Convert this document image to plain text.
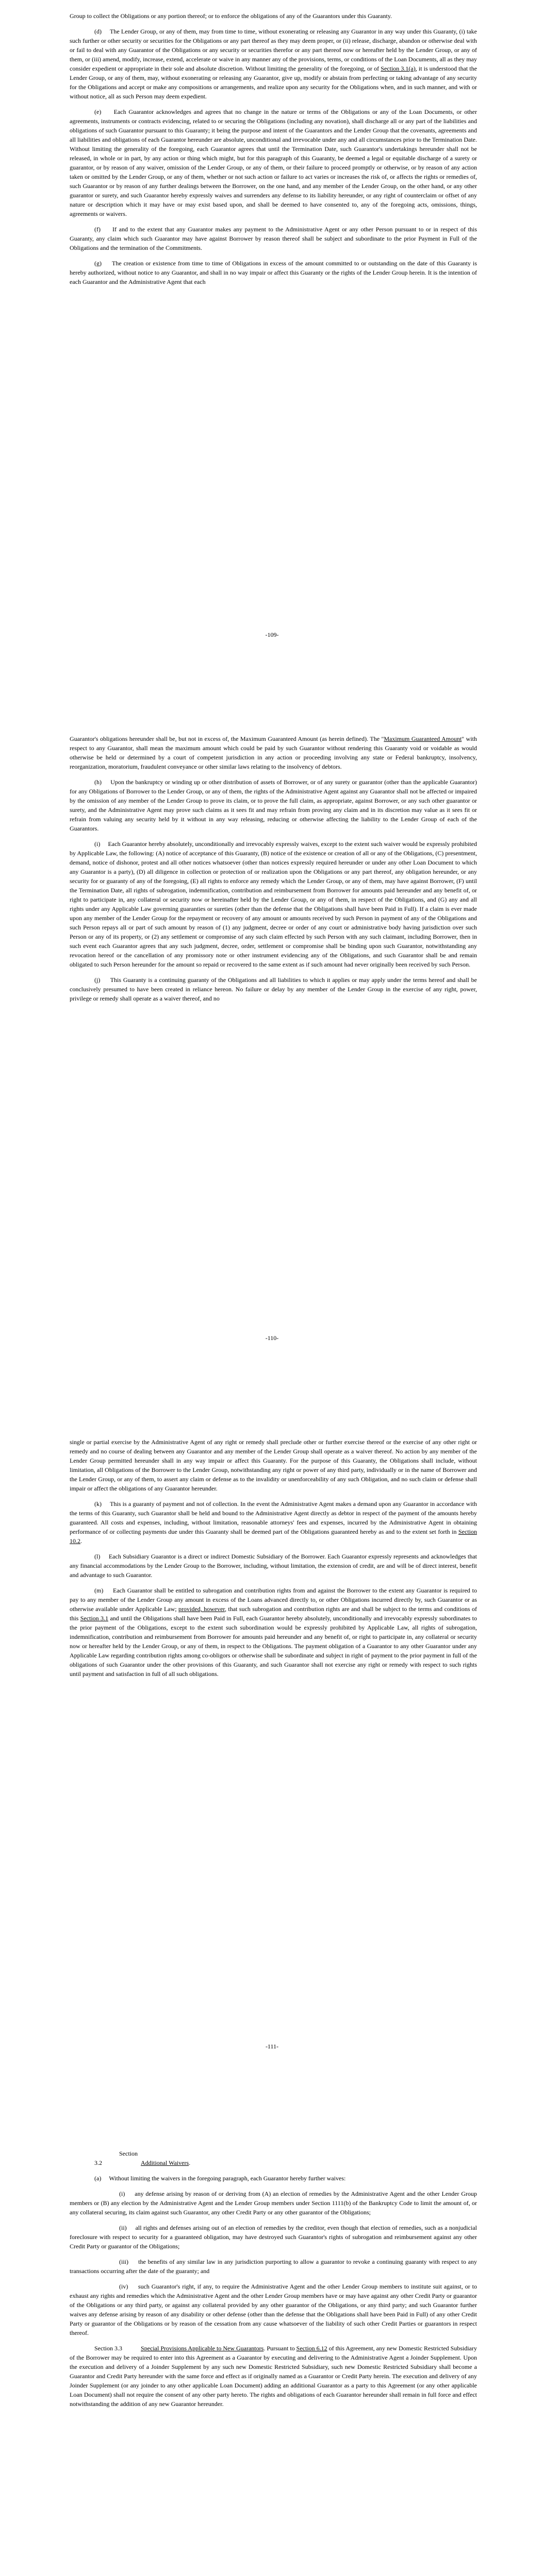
Group to collect the Obligations or any portion thereof; or to enforce the obligations of any of the Guarantors under this Guaranty.

(d)     The Lender Group, or any of them, may from time to time, without exonerating or releasing any Guarantor in any way under this Guaranty, (i) take such further or other security or securities for the Obligations or any part thereof as they may deem proper, or (ii) release, discharge, abandon or otherwise deal with or fail to deal with any Guarantor of the Obligations or any security or securities therefor or any part thereof now or hereafter held by the Lender Group, or any of them, or (iii) amend, modify, increase, extend, accelerate or waive in any manner any of the provisions, terms, or conditions of the Loan Documents, all as they may consider expedient or appropriate in their sole and absolute discretion. Without limiting the generality of the foregoing, or of Section 3.1(a), it is understood that the Lender Group, or any of them, may, without exonerating or releasing any Guarantor, give up, modify or abstain from perfecting or taking advantage of any security for the Obligations and accept or make any compositions or arrangements, and realize upon any security for the Obligations when, and in such manner, and with or without notice, all as such Person may deem expedient.

(e)     Each Guarantor acknowledges and agrees that no change in the nature or terms of the Obligations or any of the Loan Documents, or other agreements, instruments or contracts evidencing, related to or securing the Obligations (including any novation), shall discharge all or any part of the liabilities and obligations of such Guarantor pursuant to this Guaranty; it being the purpose and intent of the Guarantors and the Lender Group that the covenants, agreements and all liabilities and obligations of each Guarantor hereunder are absolute, unconditional and irrevocable under any and all circumstances prior to the Termination Date. Without limiting the generality of the foregoing, each Guarantor agrees that until the Termination Date, such Guarantor's undertakings hereunder shall not be released, in whole or in part, by any action or thing which might, but for this paragraph of this Guaranty, be deemed a legal or equitable discharge of a surety or guarantor, or by reason of any waiver, omission of the Lender Group, or any of them, or their failure to proceed promptly or otherwise, or by reason of any action taken or omitted by the Lender Group, or any of them, whether or not such action or failure to act varies or increases the risk of, or affects the rights or remedies of, such Guarantor or by reason of any further dealings between the Borrower, on the one hand, and any member of the Lender Group, on the other hand, or any other guarantor or surety, and such Guarantor hereby expressly waives and surrenders any defense to its liability hereunder, or any right of counterclaim or offset of any nature or description which it may have or may exist based upon, and shall be deemed to have consented to, any of the foregoing acts, omissions, things, agreements or waivers.

(f)     If and to the extent that any Guarantor makes any payment to the Administrative Agent or any other Person pursuant to or in respect of this Guaranty, any claim which such Guarantor may have against Borrower by reason thereof shall be subject and subordinate to the prior Payment in Full of the Obligations and the termination of the Commitments.

(g)     The creation or existence from time to time of Obligations in excess of the amount committed to or outstanding on the date of this Guaranty is hereby authorized, without notice to any Guarantor, and shall in no way impair or affect this Guaranty or the rights of the Lender Group herein. It is the intention of each Guarantor and the Administrative Agent that each

-109-

Guarantor's obligations hereunder shall be, but not in excess of, the Maximum Guaranteed Amount (as herein defined). The "Maximum Guaranteed Amount" with respect to any Guarantor, shall mean the maximum amount which could be paid by such Guarantor without rendering this Guaranty void or voidable as would otherwise be held or determined by a court of competent jurisdiction in any action or proceeding involving any state or Federal bankruptcy, insolvency, reorganization, moratorium, fraudulent conveyance or other similar laws relating to the insolvency of debtors.

(h)     Upon the bankruptcy or winding up or other distribution of assets of Borrower, or of any surety or guarantor (other than the applicable Guarantor) for any Obligations of Borrower to the Lender Group, or any of them, the rights of the Administrative Agent against any Guarantor shall not be affected or impaired by the omission of any member of the Lender Group to prove its claim, or to prove the full claim, as appropriate, against Borrower, or any such other guarantor or surety, and the Administrative Agent may prove such claims as it sees fit and may refrain from proving any claim and in its discretion may value as it sees fit or refrain from valuing any security held by it without in any way releasing, reducing or otherwise affecting the liability to the Lender Group of each of the Guarantors.

(i)     Each Guarantor hereby absolutely, unconditionally and irrevocably expressly waives, except to the extent such waiver would be expressly prohibited by Applicable Law, the following: (A) notice of acceptance of this Guaranty, (B) notice of the existence or creation of all or any of the Obligations, (C) presentment, demand, notice of dishonor, protest and all other notices whatsoever (other than notices expressly required hereunder or under any other Loan Document to which any Guarantor is a party), (D) all diligence in collection or protection of or realization upon the Obligations or any part thereof, any obligation hereunder, or any security for or guaranty of any of the foregoing, (E) all rights to enforce any remedy which the Lender Group, or any of them, may have against Borrower, (F) until the Termination Date, all rights of subrogation, indemnification, contribution and reimbursement from Borrower for amounts paid hereunder and any benefit of, or right to participate in, any collateral or security now or hereinafter held by the Lender Group, or any of them, in respect of the Obligations, and (G) any and all rights under any Applicable Law governing guaranties or sureties (other than the defense that the Obligations shall have been Paid in Full). If a claim is ever made upon any member of the Lender Group for the repayment or recovery of any amount or amounts received by such Person in payment of any of the Obligations and such Person repays all or part of such amount by reason of (1) any judgment, decree or order of any court or administrative body having jurisdiction over such Person or any of its property, or (2) any settlement or compromise of any such claim effected by such Person with any such claimant, including Borrower, then in such event each Guarantor agrees that any such judgment, decree, order, settlement or compromise shall be binding upon such Guarantor, notwithstanding any revocation hereof or the cancellation of any promissory note or other instrument evidencing any of the Obligations, and such Guarantor shall be and remain obligated to such Person hereunder for the amount so repaid or recovered to the same extent as if such amount had never originally been received by such Person.

(j)     This Guaranty is a continuing guaranty of the Obligations and all liabilities to which it applies or may apply under the terms hereof and shall be conclusively presumed to have been created in reliance hereon. No failure or delay by any member of the Lender Group in the exercise of any right, power, privilege or remedy shall operate as a waiver thereof, and no

-110-

single or partial exercise by the Administrative Agent of any right or remedy shall preclude other or further exercise thereof or the exercise of any other right or remedy and no course of dealing between any Guarantor and any member of the Lender Group shall operate as a waiver thereof. No action by any member of the Lender Group permitted hereunder shall in any way impair or affect this Guaranty. For the purpose of this Guaranty, the Obligations shall include, without limitation, all Obligations of the Borrower to the Lender Group, notwithstanding any right or power of any third party, individually or in the name of Borrower and the Lender Group, or any of them, to assert any claim or defense as to the invalidity or unenforceability of any such Obligation, and no such claim or defense shall impair or affect the obligations of any Guarantor hereunder.

(k)     This is a guaranty of payment and not of collection. In the event the Administrative Agent makes a demand upon any Guarantor in accordance with the terms of this Guaranty, such Guarantor shall be held and bound to the Administrative Agent directly as debtor in respect of the payment of the amounts hereby guaranteed. All costs and expenses, including, without limitation, reasonable attorneys' fees and expenses, incurred by the Administrative Agent in obtaining performance of or collecting payments due under this Guaranty shall be deemed part of the Obligations guaranteed hereby as and to the extent set forth in Section 10.2.

(l)     Each Subsidiary Guarantor is a direct or indirect Domestic Subsidiary of the Borrower. Each Guarantor expressly represents and acknowledges that any financial accommodations by the Lender Group to the Borrower, including, without limitation, the extension of credit, are and will be of direct interest, benefit and advantage to such Guarantor.

(m)     Each Guarantor shall be entitled to subrogation and contribution rights from and against the Borrower to the extent any Guarantor is required to pay to any member of the Lender Group any amount in excess of the Loans advanced directly to, or other Obligations incurred directly by, such Guarantor or as otherwise available under Applicable Law; provided, however, that such subrogation and contribution rights are and shall be subject to the terms and conditions of this Section 3.1 and until the Obligations shall have been Paid in Full, each Guarantor hereby absolutely, unconditionally and irrevocably expressly subordinates to the prior payment of the Obligations, except to the extent such subordination would be expressly prohibited by Applicable Law, all rights of subrogation, indemnification, contribution and reimbursement from Borrower for amounts paid hereunder and any benefit of, or right to participate in, any collateral or security now or hereafter held by the Lender Group, or any of them, in respect to the Obligations. The payment obligation of a Guarantor to any other Guarantor under any Applicable Law regarding contribution rights among co-obligors or otherwise shall be subordinate and subject in right of payment to the prior payment in full of the obligations of such Guarantor under the other provisions of this Guaranty, and such Guarantor shall not exercise any right or remedy with respect to such rights until payment and satisfaction in full of all such obligations.

-111-

Section 3.2	Additional Waivers.

(a)     Without limiting the waivers in the foregoing paragraph, each Guarantor hereby further waives:

(i)     any defense arising by reason of or deriving from (A) an election of remedies by the Administrative Agent and the other Lender Group members or (B) any election by the Administrative Agent and the Lender Group members under Section 1111(b) of the Bankruptcy Code to limit the amount of, or any collateral securing, its claim against such Guarantor, any other Credit Party or any other guarantor of the Obligations;

(ii)     all rights and defenses arising out of an election of remedies by the creditor, even though that election of remedies, such as a nonjudicial foreclosure with respect to security for a guaranteed obligation, may have destroyed such Guarantor's rights of subrogation and reimbursement against any other Credit Party or guarantor of the Obligations;

(iii)     the benefits of any similar law in any jurisdiction purporting to allow a guarantor to revoke a continuing guaranty with respect to any transactions occurring after the date of the guaranty; and

(iv)     such Guarantor's right, if any, to require the Administrative Agent and the other Lender Group members to institute suit against, or to exhaust any rights and remedies which the Administrative Agent and the other Lender Group members have or may have against any other Credit Party or guarantor of the Obligations or any third party, or against any collateral provided by any other guarantor of the Obligations, or any third party; and such Guarantor further waives any defense arising by reason of any disability or other defense (other than the defense that the Obligations shall have been Paid in Full) of any other Credit Party or guarantor of the Obligations or by reason of the cessation from any cause whatsoever of the liability of such other Credit Parties or guarantors in respect thereof.

Section 3.3	Special Provisions Applicable to New Guarantors. Pursuant to Section 6.12 of this Agreement, any new Domestic Restricted Subsidiary of the Borrower may be required to enter into this Agreement as a Guarantor by executing and delivering to the Administrative Agent a Joinder Supplement. Upon the execution and delivery of a Joinder Supplement by any such new Domestic Restricted Subsidiary, such new Domestic Restricted Subsidiary shall become a Guarantor and Credit Party hereunder with the same force and effect as if originally named as a Guarantor or Credit Party herein. The execution and delivery of any Joinder Supplement (or any joinder to any other applicable Loan Document) adding an additional Guarantor as a party to this Agreement (or any other applicable Loan Document) shall not require the consent of any other party hereto. The rights and obligations of each Guarantor hereunder shall remain in full force and effect notwithstanding the addition of any new Guarantor hereunder.
